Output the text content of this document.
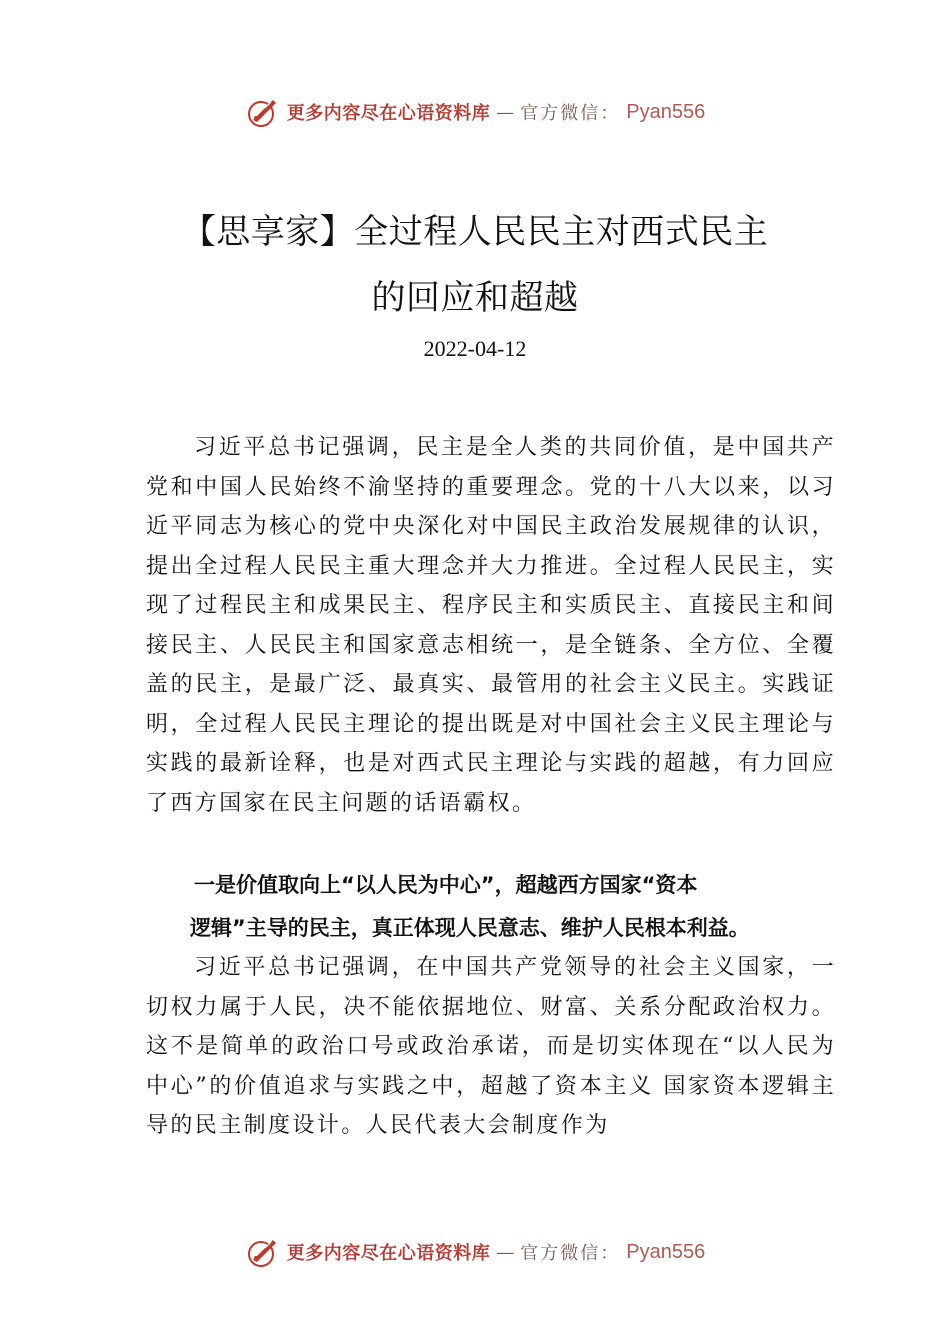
更多内容尽在心语资料库 — 官方微信： Pyan556
【思享家】全过程人民民主对西式民主
的回应和超越
2022-04-12
习近平总书记强调，民主是全人类的共同价值，是中国共产党和中国人民始终不渝坚持的重要理念。党的十八大以来，以习近平同志为核心的党中央深化对中国民主政治发展规律的认识，提出全过程人民民主重大理念并大力推进。全过程人民民主，实现了过程民主和成果民主、程序民主和实质民主、直接民主和间接民主、人民民主和国家意志相统一，是全链条、全方位、全覆盖的民主，是最广泛、最真实、最管用的社会主义民主。实践证明，全过程人民民主理论的提出既是对中国社会主义民主理论与实践的最新诠释，也是对西式民主理论与实践的超越，有力回应了西方国家在民主问题的话语霸权。
一是价值取向上“以人民为中心”，超越西方国家“资本
逻辑”主导的民主，真正体现人民意志、维护人民根本利益。
习近平总书记强调，在中国共产党领导的社会主义国家，一切权力属于人民，决不能依据地位、财富、关系分配政治权力。这不是简单的政治口号或政治承诺，而是切实体现在“以人民为中心”的价值追求与实践之中，超越了资本主义 国家资本逻辑主导的民主制度设计。人民代表大会制度作为
更多内容尽在心语资料库 — 官方微信： Pyan556
